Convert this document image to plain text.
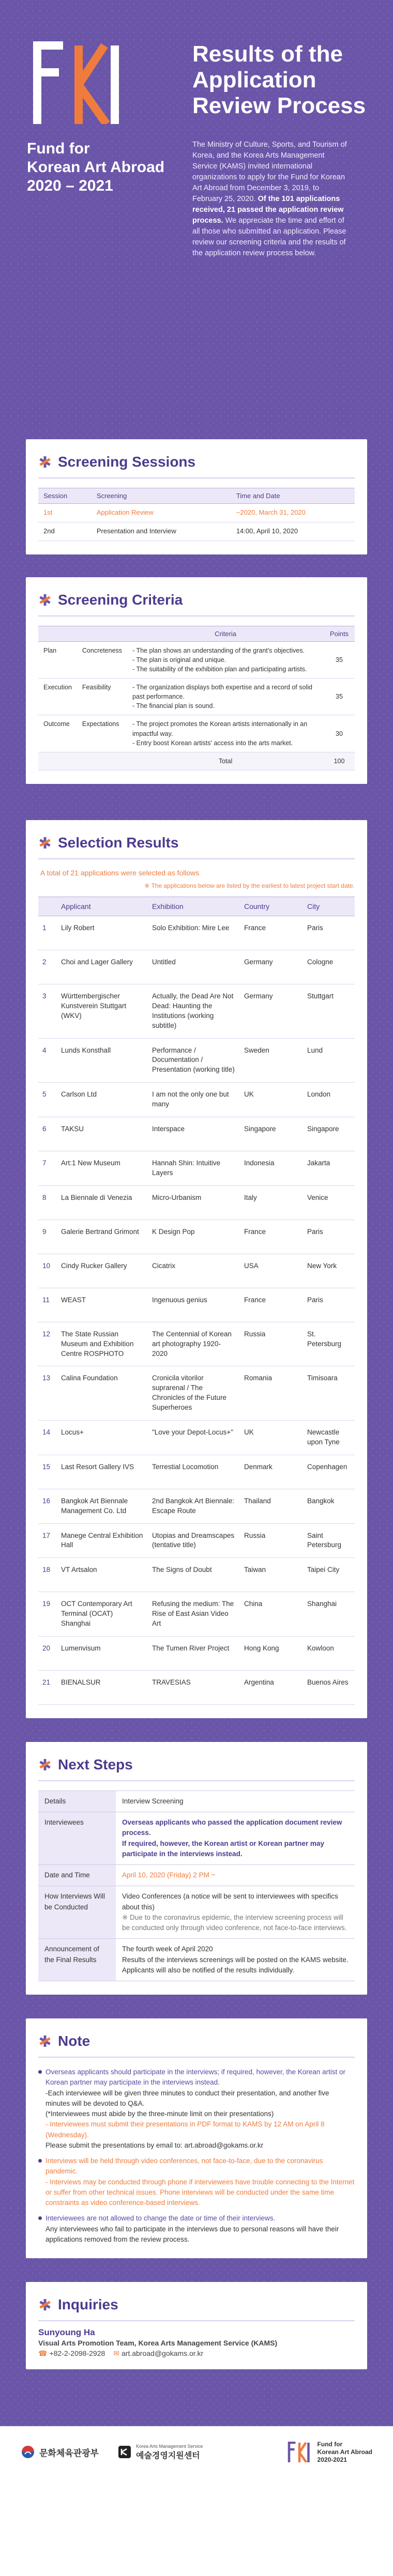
Fund for
Korean Art Abroad
2020 – 2021
Results of the
Application
Review Process

The Ministry of Culture, Sports, and Tourism of Korea, and the Korea Arts Management Service (KAMS) invited international organizations to apply for the Fund for Korean Art Abroad from December 3, 2019, to February 25, 2020. Of the 101 applications received, 21 passed the application review process. We appreciate the time and effort of all those who submitted an application. Please review our screening criteria and the results of the application review process below.

Screening Sessions
Session	Screening	Time and Date
1st	Application Review	~2020, March 31, 2020
2nd	Presentation and Interview	14:00, April 10, 2020
Screening Criteria
		Criteria	Points
Plan	Concreteness	- The plan shows an understanding of the grant's objectives.
- The plan is original and unique.
- The suitability of the exhibition plan and participating artists.	35
Execution	Feasibility	- The organization displays both expertise and a record of solid past performance.
- The financial plan is sound.	35
Outcome	Expectations	- The project promotes the Korean artists internationally in an impactful way.
- Entry boost Korean artists' access into the arts market.	30
		Total	100
Selection Results
A total of 21 applications were selected as follows
※ The applications below are listed by the earliest to latest project start date.
	Applicant	Exhibition	Country	City
1	Lily Robert	Solo Exhibition: Mire Lee	France	Paris
2	Choi and Lager Gallery	Untitled	Germany	Cologne
3	Württembergischer Kunstverein Stuttgart (WKV)	Actually, the Dead Are Not Dead: Haunting the Institutions (working subtitle)	Germany	Stuttgart
4	Lunds Konsthall	Performance / Documentation / Presentation (working title)	Sweden	Lund
5	Carlson Ltd	I am not the only one but many	UK	London
6	TAKSU	Interspace	Singapore	Singapore
7	Art:1 New Museum	Hannah Shin: Intuitive Layers	Indonesia	Jakarta
8	La Biennale di Venezia	Micro-Urbanism	Italy	Venice
9	Galerie Bertrand Grimont	K Design Pop	France	Paris
10	Cindy Rucker Gallery	Cicatrix	USA	New York
11	WEAST	Ingenuous genius	France	Paris
12	The State Russian Museum and Exhibition Centre ROSPHOTO	The Centennial of Korean art photography 1920-2020	Russia	St. Petersburg
13	Calina Foundation	Cronicila vitorilor suprarenal / The Chronicles of the Future Superheroes	Romania	Timisoara
14	Locus+	"Love your Depot-Locus+"	UK	Newcastle upon Tyne
15	Last Resort Gallery IVS	Terrestial Locomotion	Denmark	Copenhagen
16	Bangkok Art Biennale Management Co. Ltd	2nd Bangkok Art Biennale: Escape Route	Thailand	Bangkok
17	Manege Central Exhibition Hall	Utopias and Dreamscapes (tentative title)	Russia	Saint Petersburg
18	VT Artsalon	The Signs of Doubt	Taiwan	Taipei City
19	OCT Contemporary Art Terminal (OCAT) Shanghai	Refusing the medium: The Rise of East Asian Video Art	China	Shanghai
20	Lumenvisum	The Tumen River Project	Hong Kong	Kowloon
21	BIENALSUR	TRAVESIAS	Argentina	Buenos Aires
Next Steps
Details	Interview Screening

Interviewees	Overseas applicants who passed the application document review process.
If required, however, the Korean artist or Korean partner may participate in the interviews instead.

Date and Time	April 10, 2020 (Friday) 2 PM ~

How Interviews Will be Conducted	Video Conferences (a notice will be sent to interviewees with specifics about this)
※ Due to the coronavirus epidemic, the interview screening process will be conducted only through video conference, not face-to-face interviews.

Announcement of the Final Results	The fourth week of April 2020
Results of the interviews screenings will be posted on the KAMS website. Applicants will also be notified of the results individually.
Note

Overseas applicants should participate in the interviews; if required, however, the Korean artist or Korean partner may participate in the interviews instead.

-Each interviewee will be given three minutes to conduct their presentation, and another five minutes will be devoted to Q&A.

(*Interviewees must abide by the three-minute limit on their presentations)

- Interviewees must submit their presentations in PDF format to KAMS by 12 AM on April 8 (Wednesday).

Please submit the presentations by email to: art.abroad@gokams.or.kr

Interviews will be held through video conferences, not face-to-face, due to the coronavirus pandemic.

- Interviews may be conducted through phone if interviewees have trouble connecting to the Internet or suffer from other technical issues. Phone interviews will be conducted under the same time constraints as video conference-based interviews.

Interviewees are not allowed to change the date or time of their interviews.

Any interviewees who fail to participate in the interviews due to personal reasons will have their applications removed from the review process.

Inquiries
Sunyoung Ha
Visual Arts Promotion Team, Korea Arts Management Service (KAMS)
☎ +82-2-2098-2928 ✉ art.abroad@gokams.or.kr
문화체육관광부
Korea Arts Management Service
예술경영지원센터
Fund for
Korean Art Abroad
2020-2021
